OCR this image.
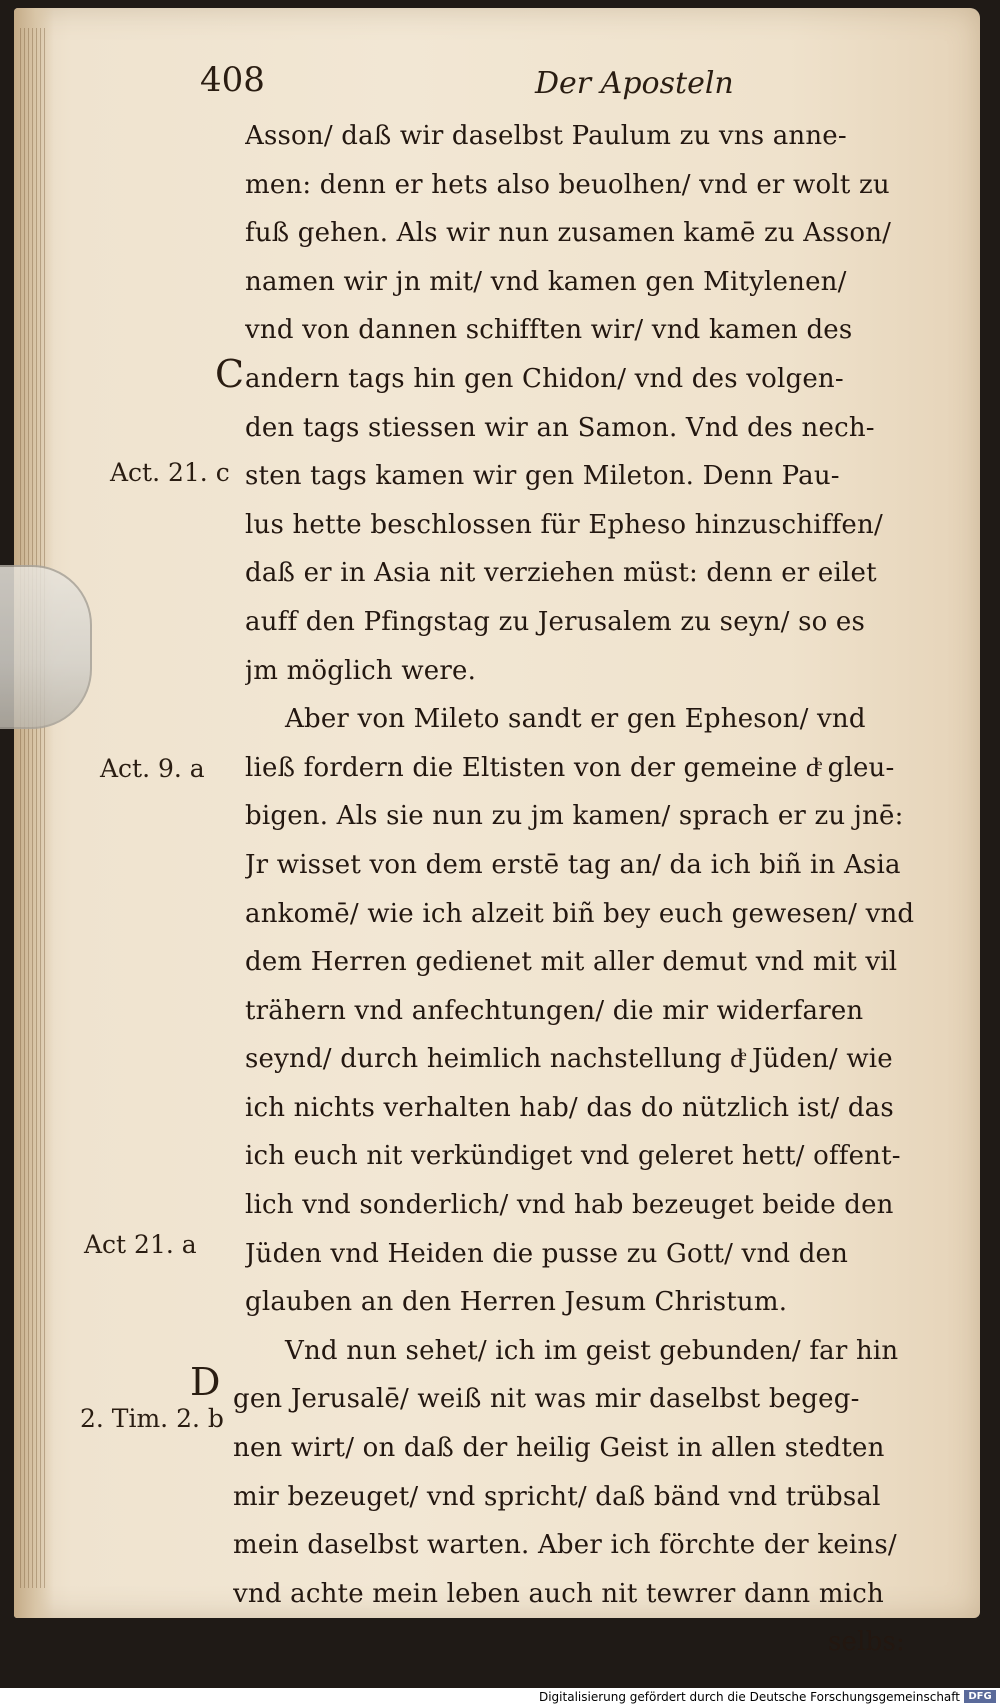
408	Der Aposteln
Asson/ daß wir daselbst Paulum zu vns anne-
men: denn er hets also beuolhen/ vnd er wolt zu
fuß gehen. Als wir nun zusamen kamē zu Asson/
namen wir jn mit/ vnd kamen gen Mitylenen/
vnd von dannen schifften wir/ vnd kamen des
andern tags hin gen Chidon/ vnd des volgen-
den tags stiessen wir an Samon. Vnd des nech-
sten tags kamen wir gen Mileton. Denn Pau-
lus hette beschlossen für Epheso hinzuschiffen/
daß er in Asia nit verziehen müst: denn er eilet
auff den Pfingstag zu Jerusalem zu seyn/ so es
jm möglich were.
Aber von Mileto sandt er gen Epheson/ vnd
ließ fordern die Eltisten von der gemeine dͤ gleu-
bigen. Als sie nun zu jm kamen/ sprach er zu jnē:
Jr wisset von dem erstē tag an/ da ich biñ in Asia
ankomē/ wie ich alzeit biñ bey euch gewesen/ vnd
dem Herren gedienet mit aller demut vnd mit vil
trähern vnd anfechtungen/ die mir widerfaren
seynd/ durch heimlich nachstellung dͤ Jüden/ wie
ich nichts verhalten hab/ das do nützlich ist/ das
ich euch nit verkündiget vnd geleret hett/ offent-
lich vnd sonderlich/ vnd hab bezeuget beide den
Jüden vnd Heiden die pusse zu Gott/ vnd den
glauben an den Herren Jesum Christum.
Vnd nun sehet/ ich im geist gebunden/ far hin
gen Jerusalē/ weiß nit was mir daselbst begeg-
nen wirt/ on daß der heilig Geist in allen stedten
mir bezeuget/ vnd spricht/ daß bänd vnd trübsal
mein daselbst warten. Aber ich förchte der keins/
vnd achte mein leben auch nit tewrer dann mich
selbs:
C
Act. 21. c
Act. 9. a
Act 21. a
D
2. Tim. 2. b
Digitalisierung gefördert durch die Deutsche Forschungsgemeinschaft DFG
